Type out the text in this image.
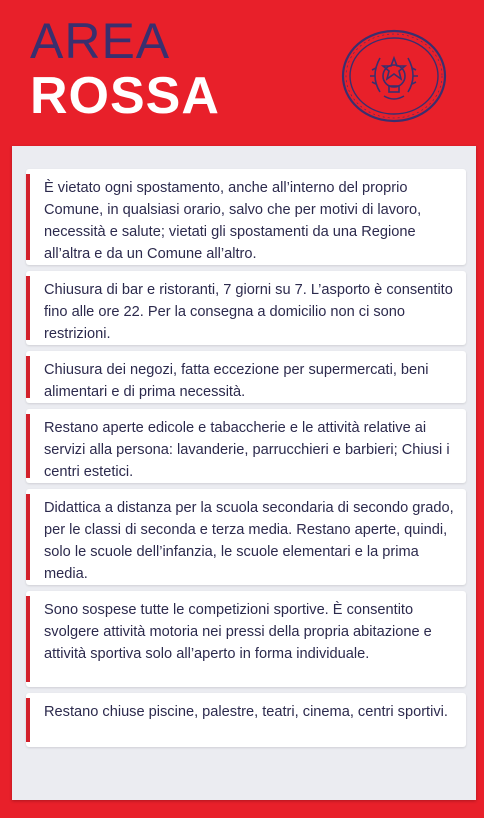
AREA
ROSSA
È vietato ogni spostamento, anche all’interno del proprio Comune, in qualsiasi orario, salvo che per motivi di lavoro, necessità e salute; vietati gli spostamenti da una Regione all’altra e da un Comune all’altro.
Chiusura di bar e ristoranti, 7 giorni su 7. L’asporto è consentito fino alle ore 22. Per la consegna a domicilio non ci sono restrizioni.
Chiusura dei negozi, fatta eccezione per supermercati, beni alimentari e di prima necessità.
Restano aperte edicole e tabaccherie e le attività relative ai servizi alla persona: lavanderie, parrucchieri e barbieri; Chiusi i centri estetici.
Didattica a distanza per la scuola secondaria di secondo grado, per le classi di seconda e terza media. Restano aperte, quindi, solo le scuole dell’infanzia, le scuole elementari e la prima media.
Sono sospese tutte le competizioni sportive. È consentito svolgere attività motoria nei pressi della propria abitazione e attività sportiva solo all’aperto in forma individuale.
Restano chiuse piscine, palestre, teatri, cinema, centri sportivi.
